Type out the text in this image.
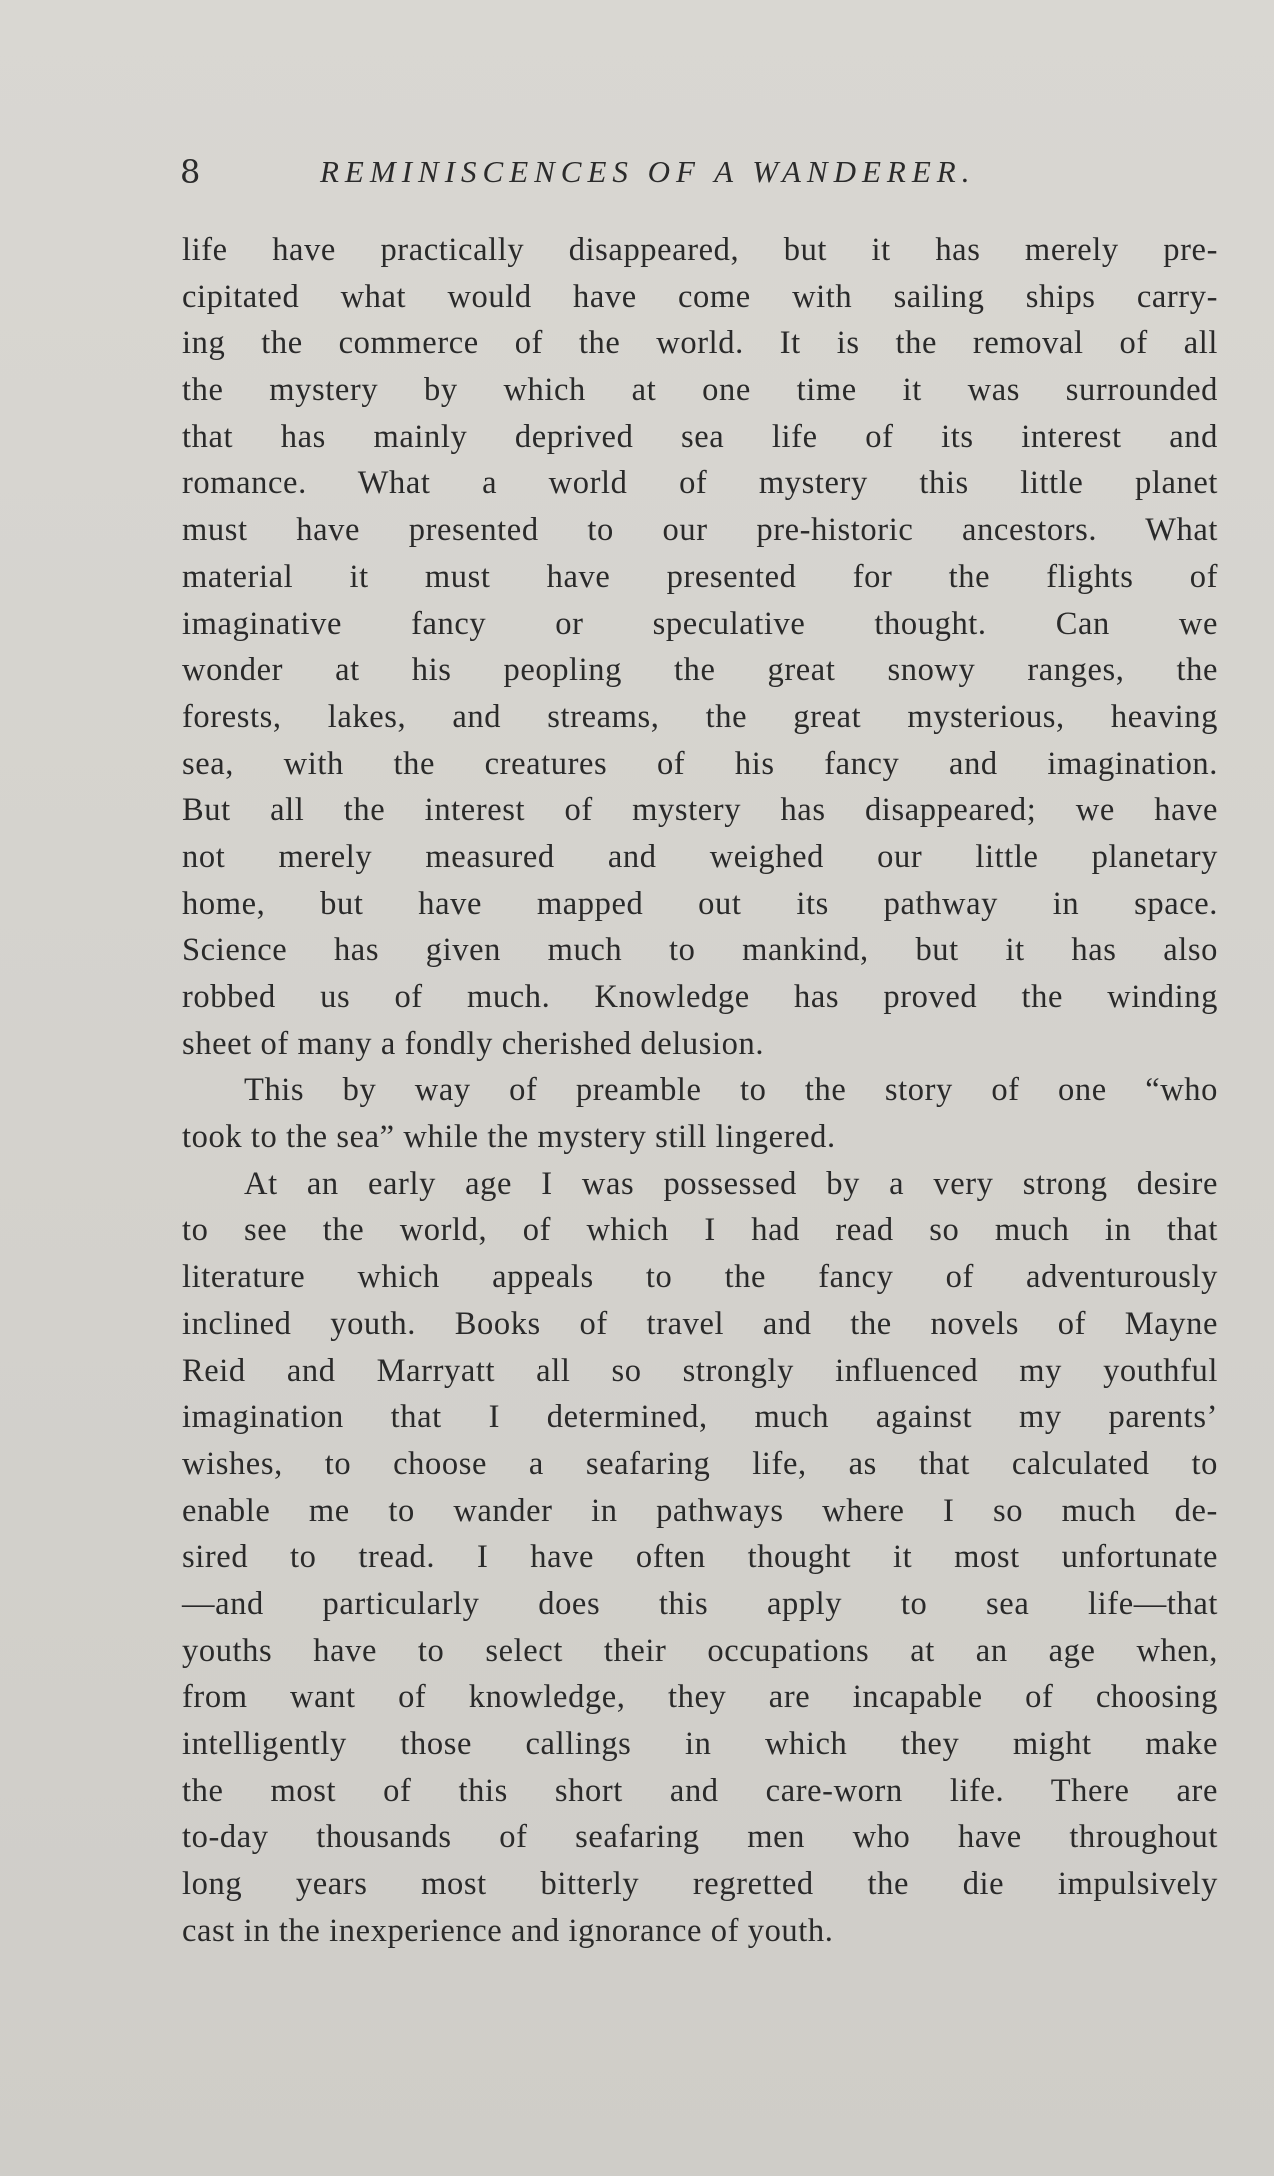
8	REMINISCENCES OF A WANDERER.
life have practically disappeared, but it has merely pre-
cipitated what would have come with sailing ships carry-
ing the commerce of the world. It is the removal of all
the mystery by which at one time it was surrounded
that has mainly deprived sea life of its interest and
romance. What a world of mystery this little planet
must have presented to our pre-historic ancestors. What
material it must have presented for the flights of
imaginative fancy or speculative thought. Can we
wonder at his peopling the great snowy ranges, the
forests, lakes, and streams, the great mysterious, heaving
sea, with the creatures of his fancy and imagination.
But all the interest of mystery has disappeared; we have
not merely measured and weighed our little planetary
home, but have mapped out its pathway in space.
Science has given much to mankind, but it has also
robbed us of much. Knowledge has proved the winding
sheet of many a fondly cherished delusion.
This by way of preamble to the story of one “who
took to the sea” while the mystery still lingered.
At an early age I was possessed by a very strong desire
to see the world, of which I had read so much in that
literature which appeals to the fancy of adventurously
inclined youth. Books of travel and the novels of Mayne
Reid and Marryatt all so strongly influenced my youthful
imagination that I determined, much against my parents’
wishes, to choose a seafaring life, as that calculated to
enable me to wander in pathways where I so much de-
sired to tread. I have often thought it most unfortunate
—and particularly does this apply to sea life—that
youths have to select their occupations at an age when,
from want of knowledge, they are incapable of choosing
intelligently those callings in which they might make
the most of this short and care-worn life. There are
to-day thousands of seafaring men who have throughout
long years most bitterly regretted the die impulsively
cast in the inexperience and ignorance of youth.
